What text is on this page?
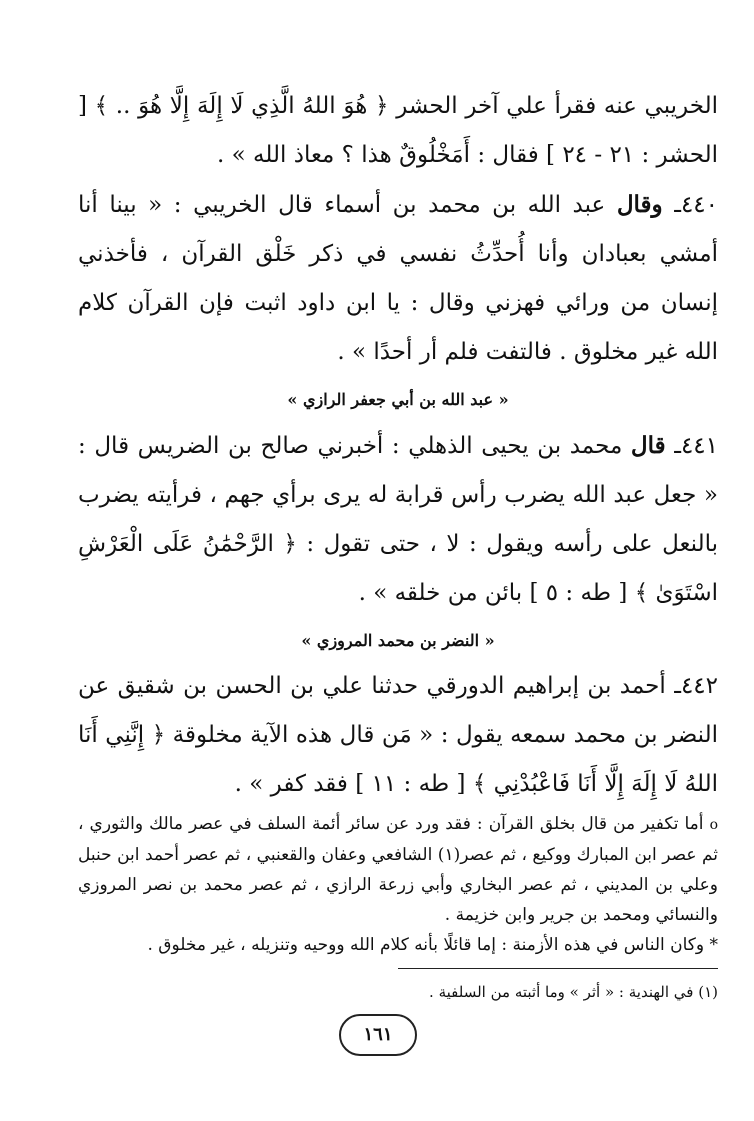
الخريبي عنه فقرأ علي آخر الحشر ﴿ هُوَ اللهُ الَّذِي لَا إِلَهَ إِلَّا هُوَ .. ﴾ [ الحشر : ٢١ - ٢٤ ] فقال : أَمَخْلُوقٌ هذا ؟ معاذ الله » .

٤٤٠ـ وقال عبد الله بن محمد بن أسماء قال الخريبي : « بينا أنا أمشي بعبادان وأنا أُحدِّثُ نفسي في ذكر خَلْق القرآن ، فأخذني إنسان من ورائي فهزني وقال : يا ابن داود اثبت فإن القرآن كلام الله غير مخلوق . فالتفت فلم أر أحدًا » .

« عبد الله بن أبي جعفر الرازي »

٤٤١ـ قال محمد بن يحيى الذهلي : أخبرني صالح بن الضريس قال : « جعل عبد الله يضرب رأس قرابة له يرى برأي جهم ، فرأيته يضرب بالنعل على رأسه ويقول : لا ، حتى تقول : ﴿ الرَّحْمَٰنُ عَلَى الْعَرْشِ اسْتَوَىٰ ﴾ [ طه : ٥ ] بائن من خلقه » .

« النضر بن محمد المروزي »

٤٤٢ـ أحمد بن إبراهيم الدورقي حدثنا علي بن الحسن بن شقيق عن النضر بن محمد سمعه يقول : « مَن قال هذه الآية مخلوقة ﴿ إِنَّنِي أَنَا اللهُ لَا إِلَهَ إِلَّا أَنَا فَاعْبُدْنِي ﴾ [ طه : ١١ ] فقد كفر » .

o أما تكفير من قال بخلق القرآن : فقد ورد عن سائر أئمة السلف في عصر مالك والثوري ، ثم عصر ابن المبارك ووكيع ، ثم عصر(١) الشافعي وعفان والقعنبي ، ثم عصر أحمد ابن حنبل وعلي بن المديني ، ثم عصر البخاري وأبي زرعة الرازي ، ثم عصر محمد بن نصر المروزي والنسائي ومحمد بن جرير وابن خزيمة .

* وكان الناس في هذه الأزمنة : إما قائلًا بأنه كلام الله ووحيه وتنزيله ، غير مخلوق .

(١) في الهندية : « أثر » وما أثبته من السلفية .

١٦١
